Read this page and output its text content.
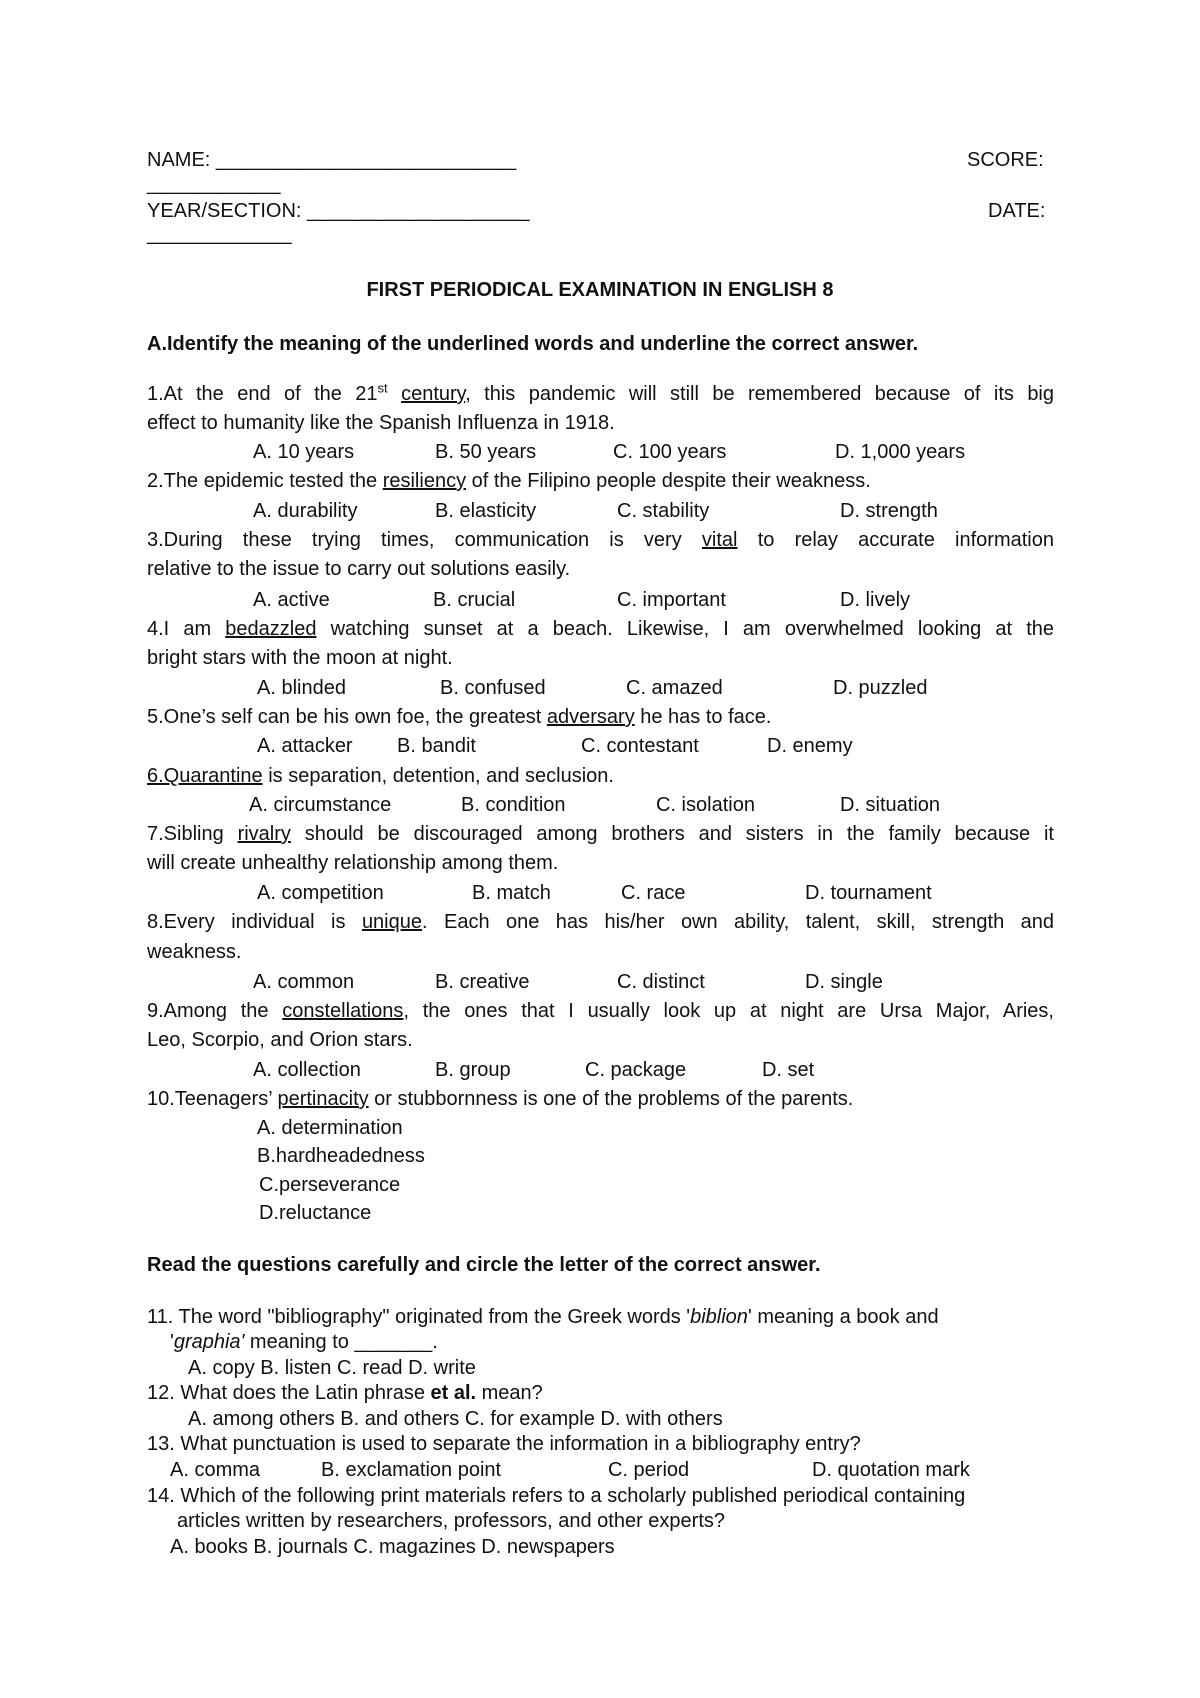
NAME: ___________________________	SCORE:
____________
YEAR/SECTION: ____________________	DATE:
_____________
FIRST PERIODICAL EXAMINATION IN ENGLISH 8
A.Identify the meaning of the underlined words and underline the correct answer.
1.At the end of the 21st century, this pandemic will still be remembered because of its big
effect to humanity like the Spanish Influenza in 1918.
A. 10 years	B. 50 years	C. 100 years	D. 1,000 years
2.The epidemic tested the resiliency of the Filipino people despite their weakness.
A. durability	B. elasticity	C. stability	D. strength
3.During these trying times, communication is very vital to relay accurate information
relative to the issue to carry out solutions easily.
A. active	B. crucial	C. important	D. lively
4.I am bedazzled watching sunset at a beach. Likewise, I am overwhelmed looking at the
bright stars with the moon at night.
A. blinded	B. confused	C. amazed	D. puzzled
5.One’s self can be his own foe, the greatest adversary he has to face.
A. attacker B. bandit	C. contestant	D. enemy
6.Quarantine is separation, detention, and seclusion.
A. circumstance	B. condition	C. isolation	D. situation
7.Sibling rivalry should be discouraged among brothers and sisters in the family because it
will create unhealthy relationship among them.
A. competition	B. match	C. race	D. tournament
8.Every individual is unique. Each one has his/her own ability, talent, skill, strength and
weakness.
A. common	B. creative	C. distinct	D. single
9.Among the constellations, the ones that I usually look up at night are Ursa Major, Aries,
Leo, Scorpio, and Orion stars.
A. collection	B. group	C. package	D. set
10.Teenagers’ pertinacity or stubbornness is one of the problems of the parents.
A. determination
B.hardheadedness
C.perseverance
D.reluctance
Read the questions carefully and circle the letter of the correct answer.
11. The word "bibliography" originated from the Greek words 'biblion' meaning a book and
'graphia' meaning to _______.
A. copy B. listen C. read D. write
12. What does the Latin phrase et al. mean?
A. among others B. and others C. for example D. with others
13. What punctuation is used to separate the information in a bibliography entry?
A. comma	B. exclamation point	C. period	D. quotation mark
14. Which of the following print materials refers to a scholarly published periodical containing
articles written by researchers, professors, and other experts?
A. books B. journals C. magazines D. newspapers
